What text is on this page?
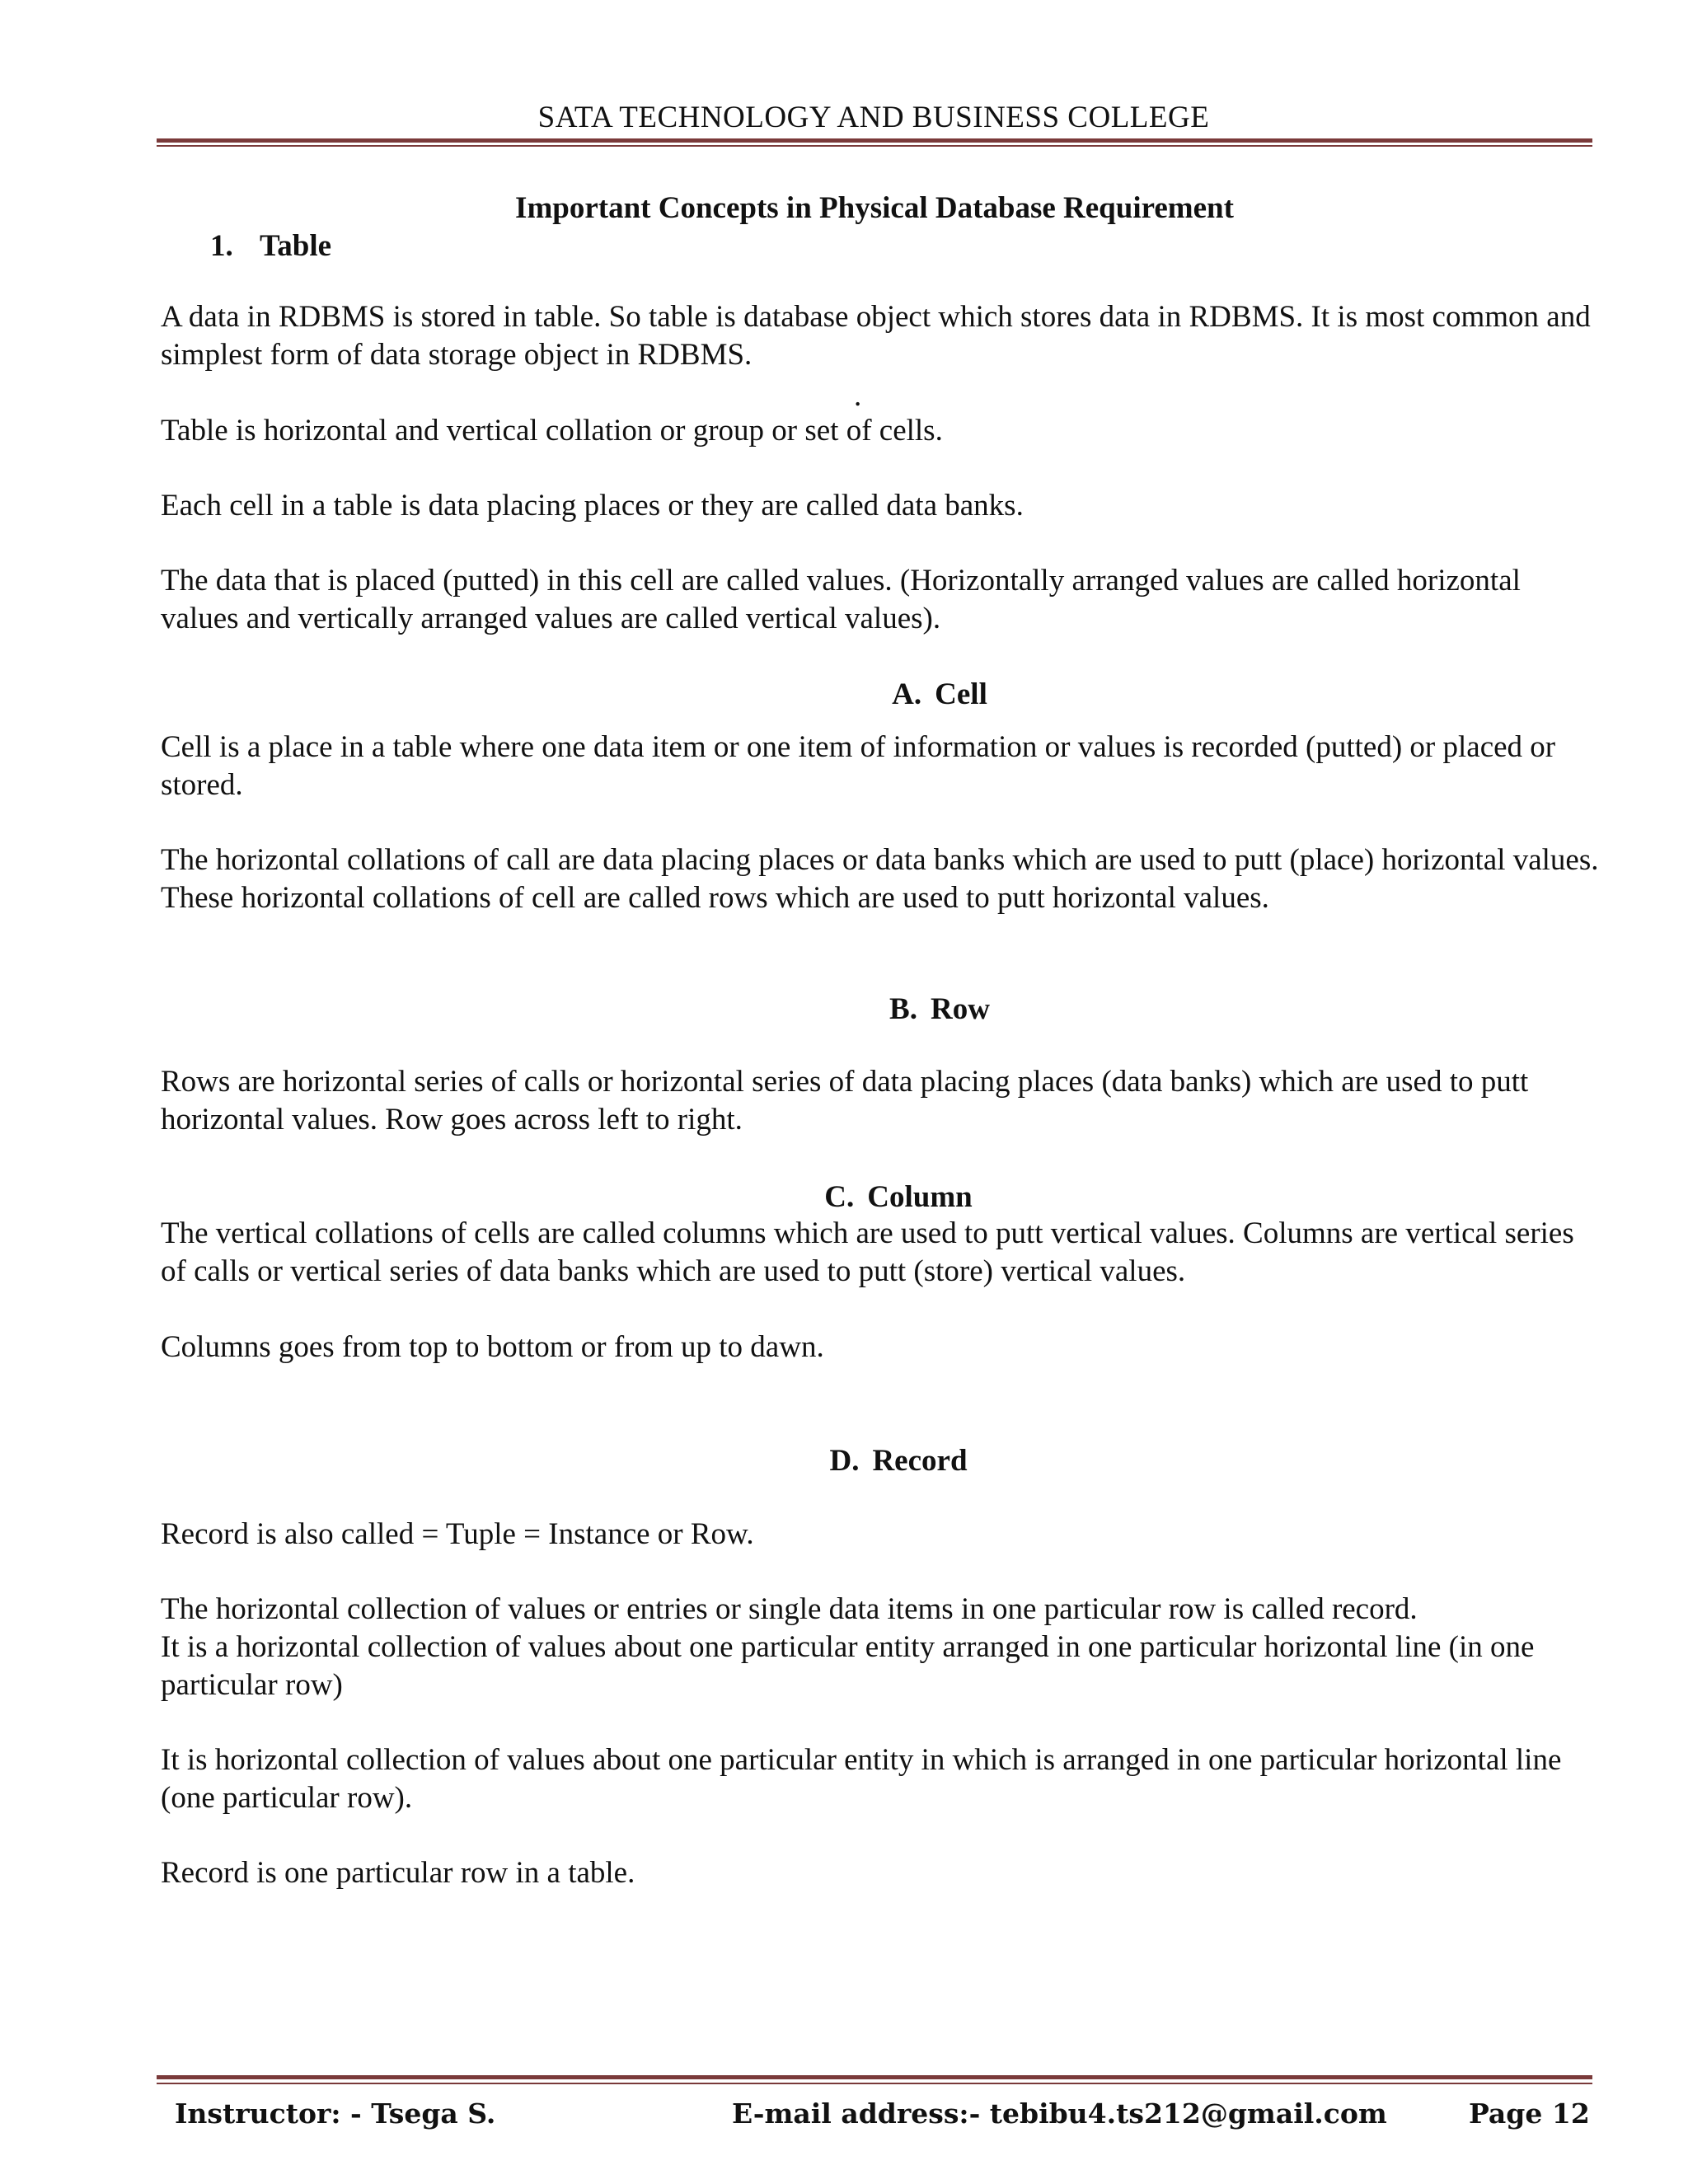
SATA TECHNOLOGY AND BUSINESS COLLEGE
Important Concepts in Physical Database Requirement
1. Table
A data in RDBMS is stored in table. So table is database object which stores data in RDBMS. It is most common and simplest form of data storage object in RDBMS.
.
Table is horizontal and vertical collation or group or set of cells.
Each cell in a table is data placing places or they are called data banks.
The data that is placed (putted) in this cell are called values. (Horizontally arranged values are called horizontal values and vertically arranged values are called vertical values).
A. Cell
Cell is a place in a table where one data item or one item of information or values is recorded (putted) or placed or stored.
The horizontal collations of call are data placing places or data banks which are used to putt (place) horizontal values. These horizontal collations of cell are called rows which are used to putt horizontal values.
B. Row
Rows are horizontal series of calls or horizontal series of data placing places (data banks) which are used to putt horizontal values. Row goes across left to right.
C. Column
The vertical collations of cells are called columns which are used to putt vertical values. Columns are vertical series of calls or vertical series of data banks which are used to putt (store) vertical values.
Columns goes from top to bottom or from up to dawn.
D. Record
Record is also called = Tuple = Instance or Row.
The horizontal collection of values or entries or single data items in one particular row is called record.
It is a horizontal collection of values about one particular entity arranged in one particular horizontal line (in one particular row)
It is horizontal collection of values about one particular entity in which is arranged in one particular horizontal line (one particular row).
Record is one particular row in a table.
Instructor: - Tsega S.	E-mail address:- tebibu4.ts212@gmail.com	Page 12
